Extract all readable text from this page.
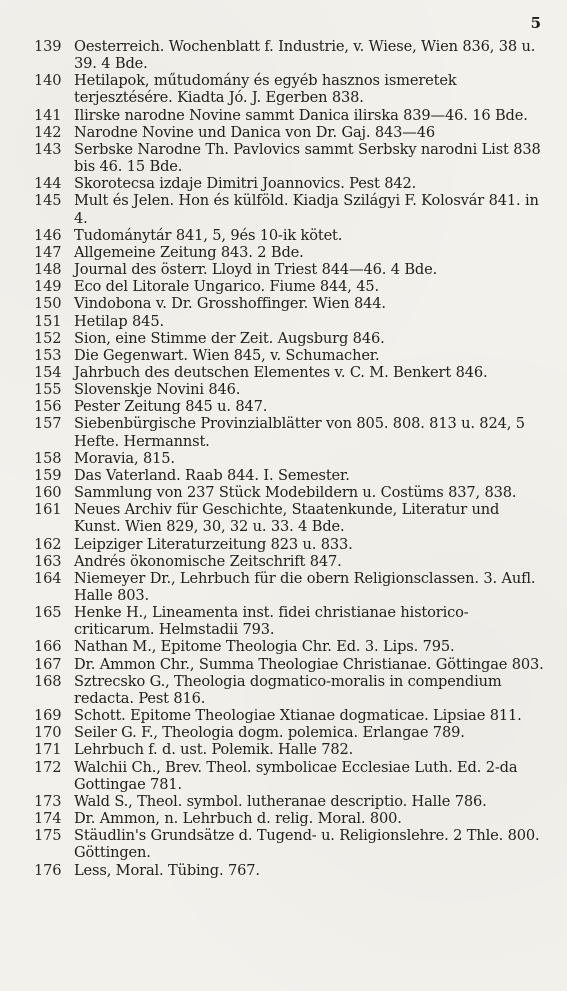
5
139 Oesterreich. Wochenblatt f. Industrie, v. Wiese, Wien 836, 38 u. 39. 4 Bde.
140 Hetilapok, műtudomány és egyéb hasznos ismeretek terjesztésére. Kiadta Jó. J. Egerben 838.
141 Ilirske narodne Novine sammt Danica ilirska 839—46. 16 Bde.
142 Narodne Novine und Danica von Dr. Gaj. 843—46
143 Serbske Narodne Th. Pavlovics sammt Serbsky narodni List 838 bis 46. 15 Bde.
144 Skorotecsa izdaje Dimitri Joannovics. Pest 842.
145 Mult és Jelen. Hon és külföld. Kiadja Szilágyi F. Kolosvár 841. in 4.
146 Tudománytár 841, 5, 9és 10-ik kötet.
147 Allgemeine Zeitung 843. 2 Bde.
148 Journal des österr. Lloyd in Triest 844—46. 4 Bde.
149 Eco del Litorale Ungarico. Fiume 844, 45.
150 Vindobona v. Dr. Grosshoffinger. Wien 844.
151 Hetilap 845.
152 Sion, eine Stimme der Zeit. Augsburg 846.
153 Die Gegenwart. Wien 845, v. Schumacher.
154 Jahrbuch des deutschen Elementes v. C. M. Benkert 846.
155 Slovenskje Novini 846.
156 Pester Zeitung 845 u. 847.
157 Siebenbürgische Provinzialblätter von 805. 808. 813 u. 824, 5 Hefte. Hermannst.
158 Moravia, 815.
159 Das Vaterland. Raab 844. I. Semester.
160 Sammlung von 237 Stück Modebildern u. Costüms 837, 838.
161 Neues Archiv für Geschichte, Staatenkunde, Literatur und Kunst. Wien 829, 30, 32 u. 33. 4 Bde.
162 Leipziger Literaturzeitung 823 u. 833.
163 Andrés ökonomische Zeitschrift 847.
164 Niemeyer Dr., Lehrbuch für die obern Religionsclassen. 3. Aufl. Halle 803.
165 Henke H., Lineamenta inst. fidei christianae historico-criticarum. Helmstadii 793.
166 Nathan M., Epitome Theologia Chr. Ed. 3. Lips. 795.
167 Dr. Ammon Chr., Summa Theologiae Christianae. Göttingae 803.
168 Sztrecsko G., Theologia dogmatico-moralis in compendium redacta. Pest 816.
169 Schott. Epitome Theologiae Xtianae dogmaticae. Lipsiae 811.
170 Seiler G. F., Theologia dogm. polemica. Erlangae 789.
171 Lehrbuch f. d. ust. Polemik. Halle 782.
172 Walchii Ch., Brev. Theol. symbolicae Ecclesiae Luth. Ed. 2-da Gottingae 781.
173 Wald S., Theol. symbol. lutheranae descriptio. Halle 786.
174 Dr. Ammon, n. Lehrbuch d. relig. Moral. 800.
175 Stäudlin's Grundsätze d. Tugend- u. Religionslehre. 2 Thle. 800. Göttingen.
176 Less, Moral. Tübing. 767.
